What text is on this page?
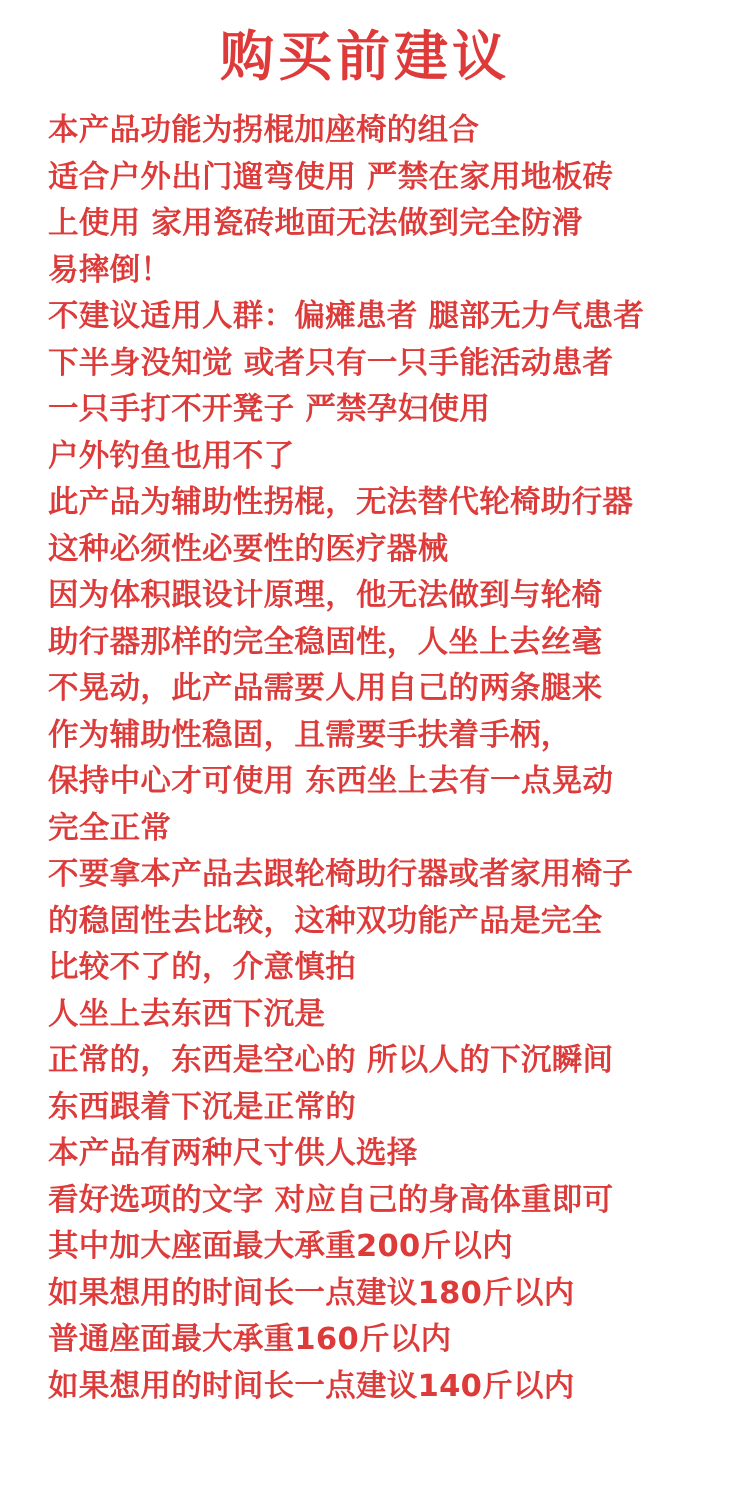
购买前建议
本产品功能为拐棍加座椅的组合
适合户外出门遛弯使用 严禁在家用地板砖
上使用 家用瓷砖地面无法做到完全防滑
易摔倒！
不建议适用人群：偏瘫患者 腿部无力气患者
下半身没知觉 或者只有一只手能活动患者
一只手打不开凳子 严禁孕妇使用
户外钓鱼也用不了
此产品为辅助性拐棍，无法替代轮椅助行器
这种必须性必要性的医疗器械
因为体积跟设计原理，他无法做到与轮椅
助行器那样的完全稳固性，人坐上去丝毫
不晃动，此产品需要人用自己的两条腿来
作为辅助性稳固，且需要手扶着手柄，
保持中心才可使用 东西坐上去有一点晃动
完全正常
不要拿本产品去跟轮椅助行器或者家用椅子
的稳固性去比较，这种双功能产品是完全
比较不了的，介意慎拍
人坐上去东西下沉是
正常的，东西是空心的 所以人的下沉瞬间
东西跟着下沉是正常的
本产品有两种尺寸供人选择
看好选项的文字 对应自己的身高体重即可
其中加大座面最大承重200斤以内
如果想用的时间长一点建议180斤以内
普通座面最大承重160斤以内
如果想用的时间长一点建议140斤以内
